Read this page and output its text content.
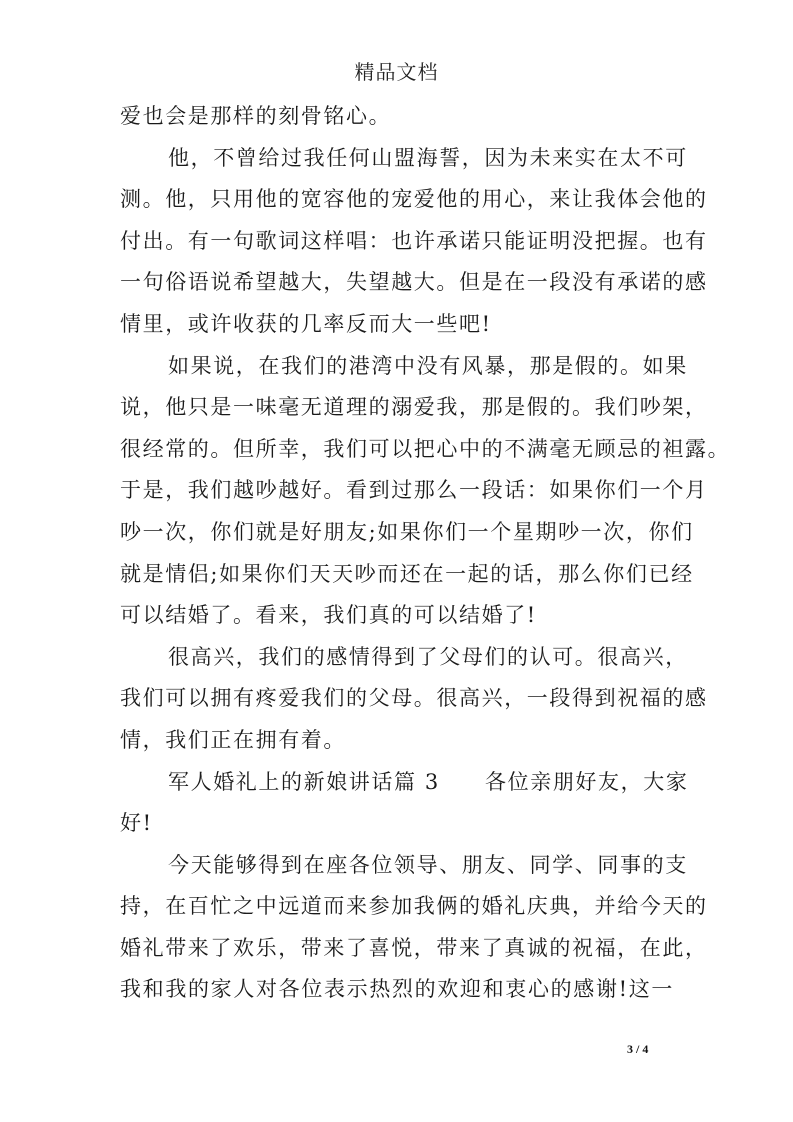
精品文档
爱也会是那样的刻骨铭心。
他，不曾给过我任何山盟海誓，因为未来实在太不可
测。他，只用他的宽容他的宠爱他的用心，来让我体会他的
付出。有一句歌词这样唱：也许承诺只能证明没把握。也有
一句俗语说希望越大，失望越大。但是在一段没有承诺的感
情里，或许收获的几率反而大一些吧!
如果说，在我们的港湾中没有风暴，那是假的。如果
说，他只是一味毫无道理的溺爱我，那是假的。我们吵架，
很经常的。但所幸，我们可以把心中的不满毫无顾忌的袒露。
于是，我们越吵越好。看到过那么一段话：如果你们一个月
吵一次，你们就是好朋友;如果你们一个星期吵一次，你们
就是情侣;如果你们天天吵而还在一起的话，那么你们已经
可以结婚了。看来，我们真的可以结婚了!
很高兴，我们的感情得到了父母们的认可。很高兴，
我们可以拥有疼爱我们的父母。很高兴，一段得到祝福的感
情，我们正在拥有着。
军人婚礼上的新娘讲话篇 3　　各位亲朋好友，大家
好!
今天能够得到在座各位领导、朋友、同学、同事的支
持，在百忙之中远道而来参加我俩的婚礼庆典，并给今天的
婚礼带来了欢乐，带来了喜悦，带来了真诚的祝福，在此，
我和我的家人对各位表示热烈的欢迎和衷心的感谢!这一
3 / 4
